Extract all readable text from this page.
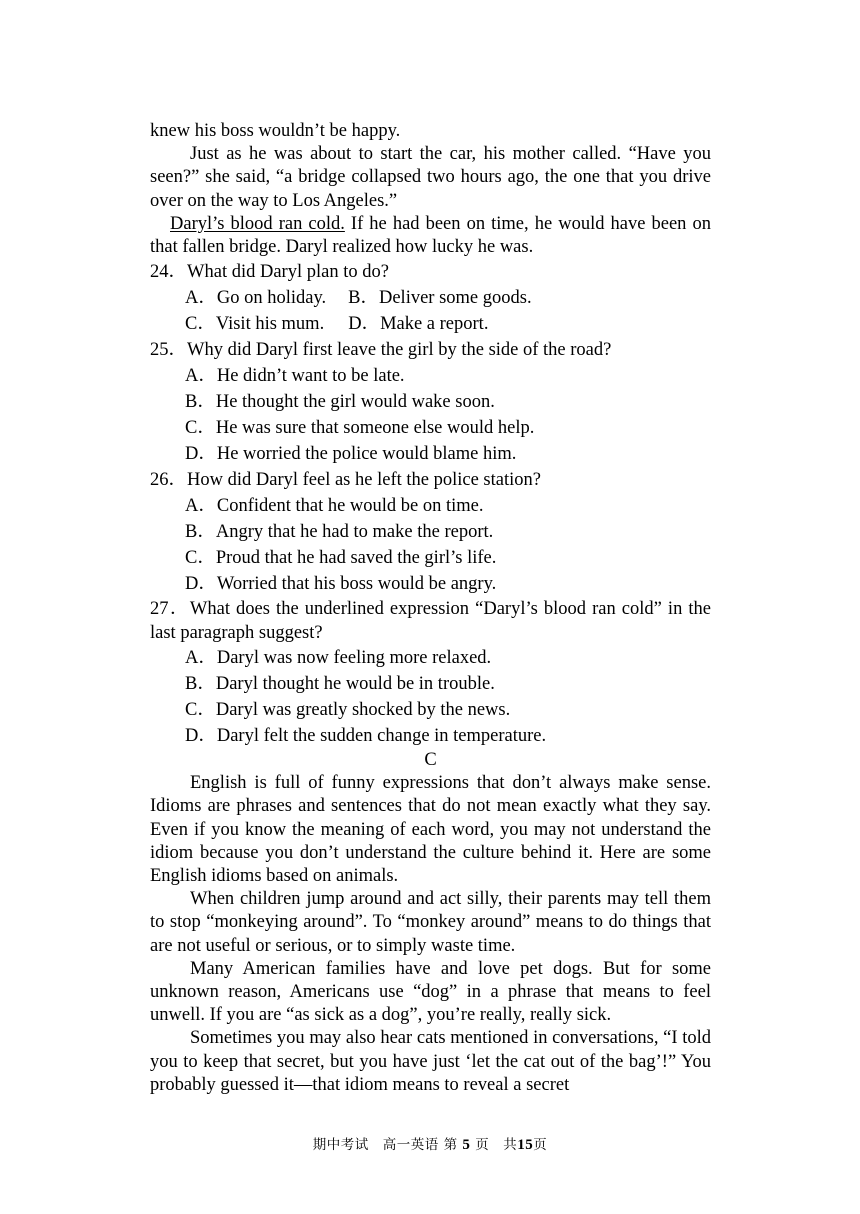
knew his boss wouldn’t be happy.

Just as he was about to start the car, his mother called. “Have you seen?” she said, “a bridge collapsed two hours ago, the one that you drive over on the way to Los Angeles.”

Daryl’s blood ran cold. If he had been on time, he would have been on that fallen bridge. Daryl realized how lucky he was.

24．What did Daryl plan to do?

A．Go on holiday. B．Deliver some goods.

C．Visit his mum. D．Make a report.

25．Why did Daryl first leave the girl by the side of the road?

A．He didn’t want to be late.

B．He thought the girl would wake soon.

C．He was sure that someone else would help.

D．He worried the police would blame him.

26．How did Daryl feel as he left the police station?

A．Confident that he would be on time.

B．Angry that he had to make the report.

C．Proud that he had saved the girl’s life.

D．Worried that his boss would be angry.

27．What does the underlined expression “Daryl’s blood ran cold” in the last paragraph suggest?

A．Daryl was now feeling more relaxed.

B．Daryl thought he would be in trouble.

C．Daryl was greatly shocked by the news.

D．Daryl felt the sudden change in temperature.

C

English is full of funny expressions that don’t always make sense. Idioms are phrases and sentences that do not mean exactly what they say. Even if you know the meaning of each word, you may not understand the idiom because you don’t understand the culture behind it. Here are some English idioms based on animals.

When children jump around and act silly, their parents may tell them to stop “monkeying around”. To “monkey around” means to do things that are not useful or serious, or to simply waste time.

Many American families have and love pet dogs. But for some unknown reason, Americans use “dog” in a phrase that means to feel unwell. If you are “as sick as a dog”, you’re really, really sick.

Sometimes you may also hear cats mentioned in conversations, “I told you to keep that secret, but you have just ‘let the cat out of the bag’!” You probably guessed it—that idiom means to reveal a secret

期中考试 高一英语 第 5 页 共15页
